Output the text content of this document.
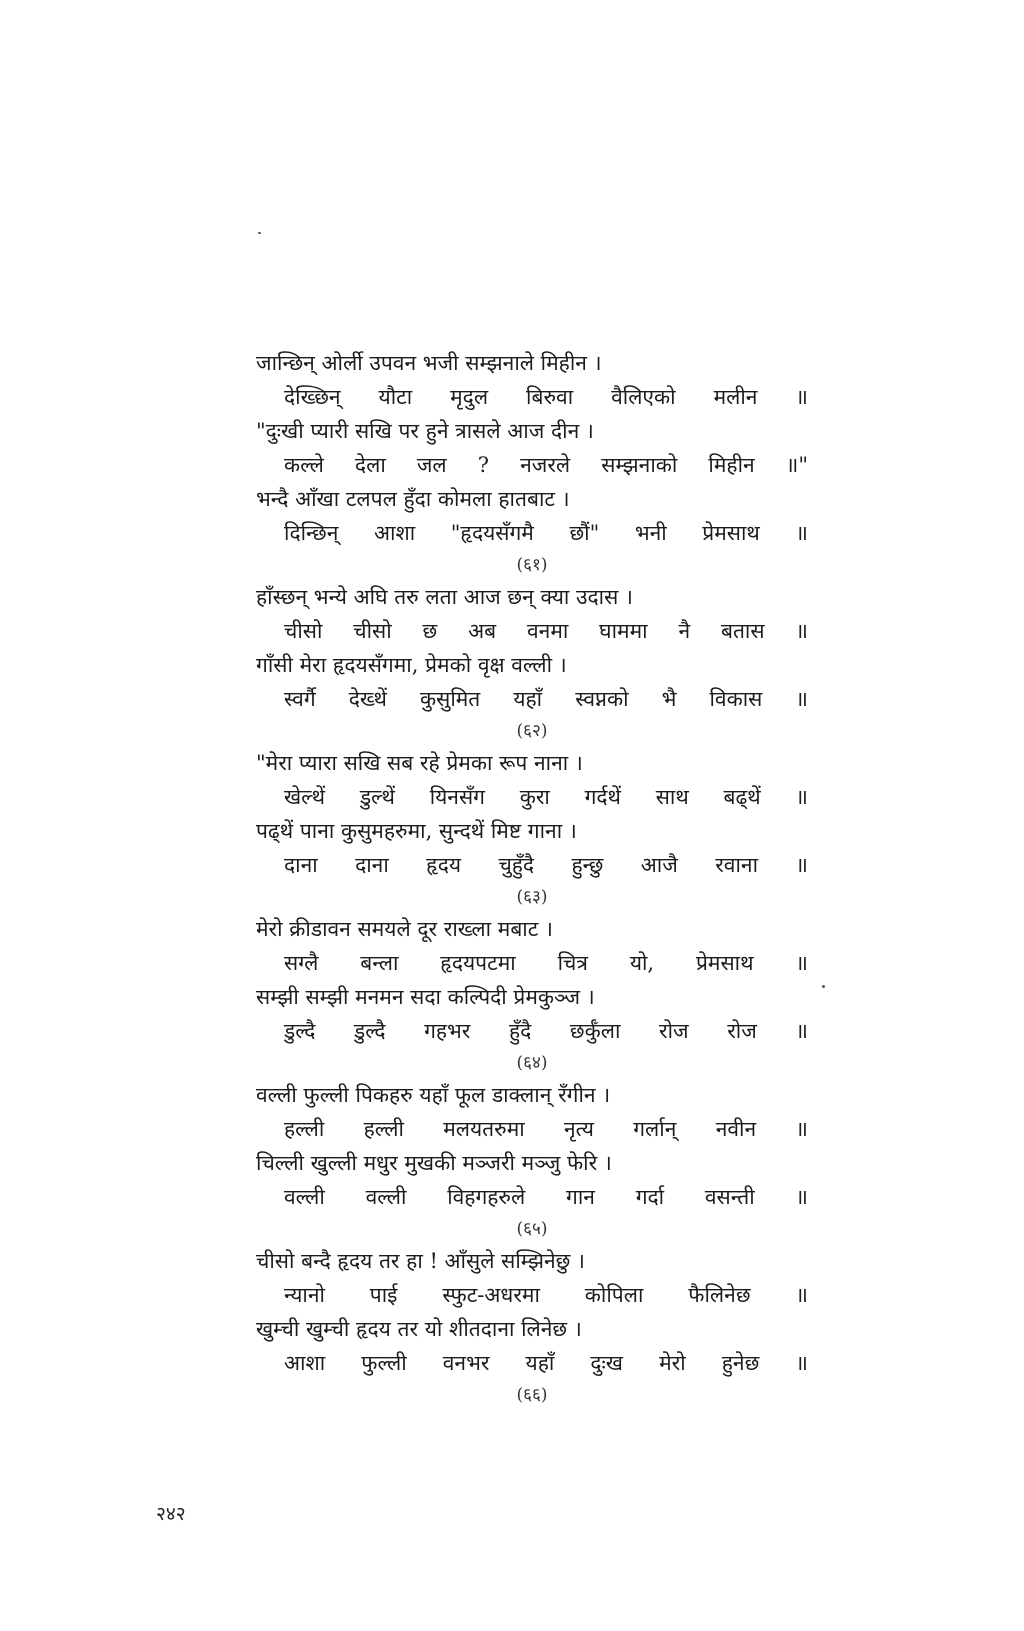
जान्छिन् ओर्ली उपवन भजी सम्झनाले मिहीन ।
देख्छिन् यौटा मृदुल बिरुवा वैलिएको मलीन ॥
"दुःखी प्यारी सखि पर हुने त्रासले आज दीन ।
कल्ले देला जल ? नजरले सम्झनाको मिहीन ॥"
भन्दै आँखा टलपल हुँदा कोमला हातबाट ।
दिन्छिन् आशा "हृदयसँगमै छौं" भनी प्रेमसाथ ॥
(६१)
हाँस्छन् भन्ये अघि तरु लता आज छन् क्या उदास ।
चीसो चीसो छ अब वनमा घाममा नै बतास ॥
गाँसी मेरा हृदयसँगमा, प्रेमको वृक्ष वल्ली ।
स्वर्गै देख्थें कुसुमित यहाँ स्वप्नको भै विकास ॥
(६२)
"मेरा प्यारा सखि सब रहे प्रेमका रूप नाना ।
खेल्थें डुल्थें यिनसँग कुरा गर्दथें साथ बढ्थें ॥
पढ्थें पाना कुसुमहरुमा, सुन्दथें मिष्ट गाना ।
दाना दाना हृदय चुहुँदै हुन्छु आजै रवाना ॥
(६३)
मेरो क्रीडावन समयले दूर राख्ला मबाट ।
सग्लै बन्ला हृदयपटमा चित्र यो, प्रेमसाथ ॥
सम्झी सम्झी मनमन सदा कल्पिदी प्रेमकुञ्ज ।
डुल्दै डुल्दै गहभर हुँदै छर्कुँला रोज रोज ॥
(६४)
वल्ली फुल्ली पिकहरु यहाँ फूल डाक्लान् रँगीन ।
हल्ली हल्ली मलयतरुमा नृत्य गर्लान् नवीन ॥
चिल्ली खुल्ली मधुर मुखकी मञ्जरी मञ्जु फेरि ।
वल्ली वल्ली विहगहरुले गान गर्दा वसन्ती ॥
(६५)
चीसो बन्दै हृदय तर हा ! आँसुले सम्झिनेछु ।
न्यानो पाई स्फुट-अधरमा कोपिला फैलिनेछ ॥
खुम्ची खुम्ची हृदय तर यो शीतदाना लिनेछ ।
आशा फुल्ली वनभर यहाँ दुःख मेरो हुनेछ ॥
(६६)
२४२
